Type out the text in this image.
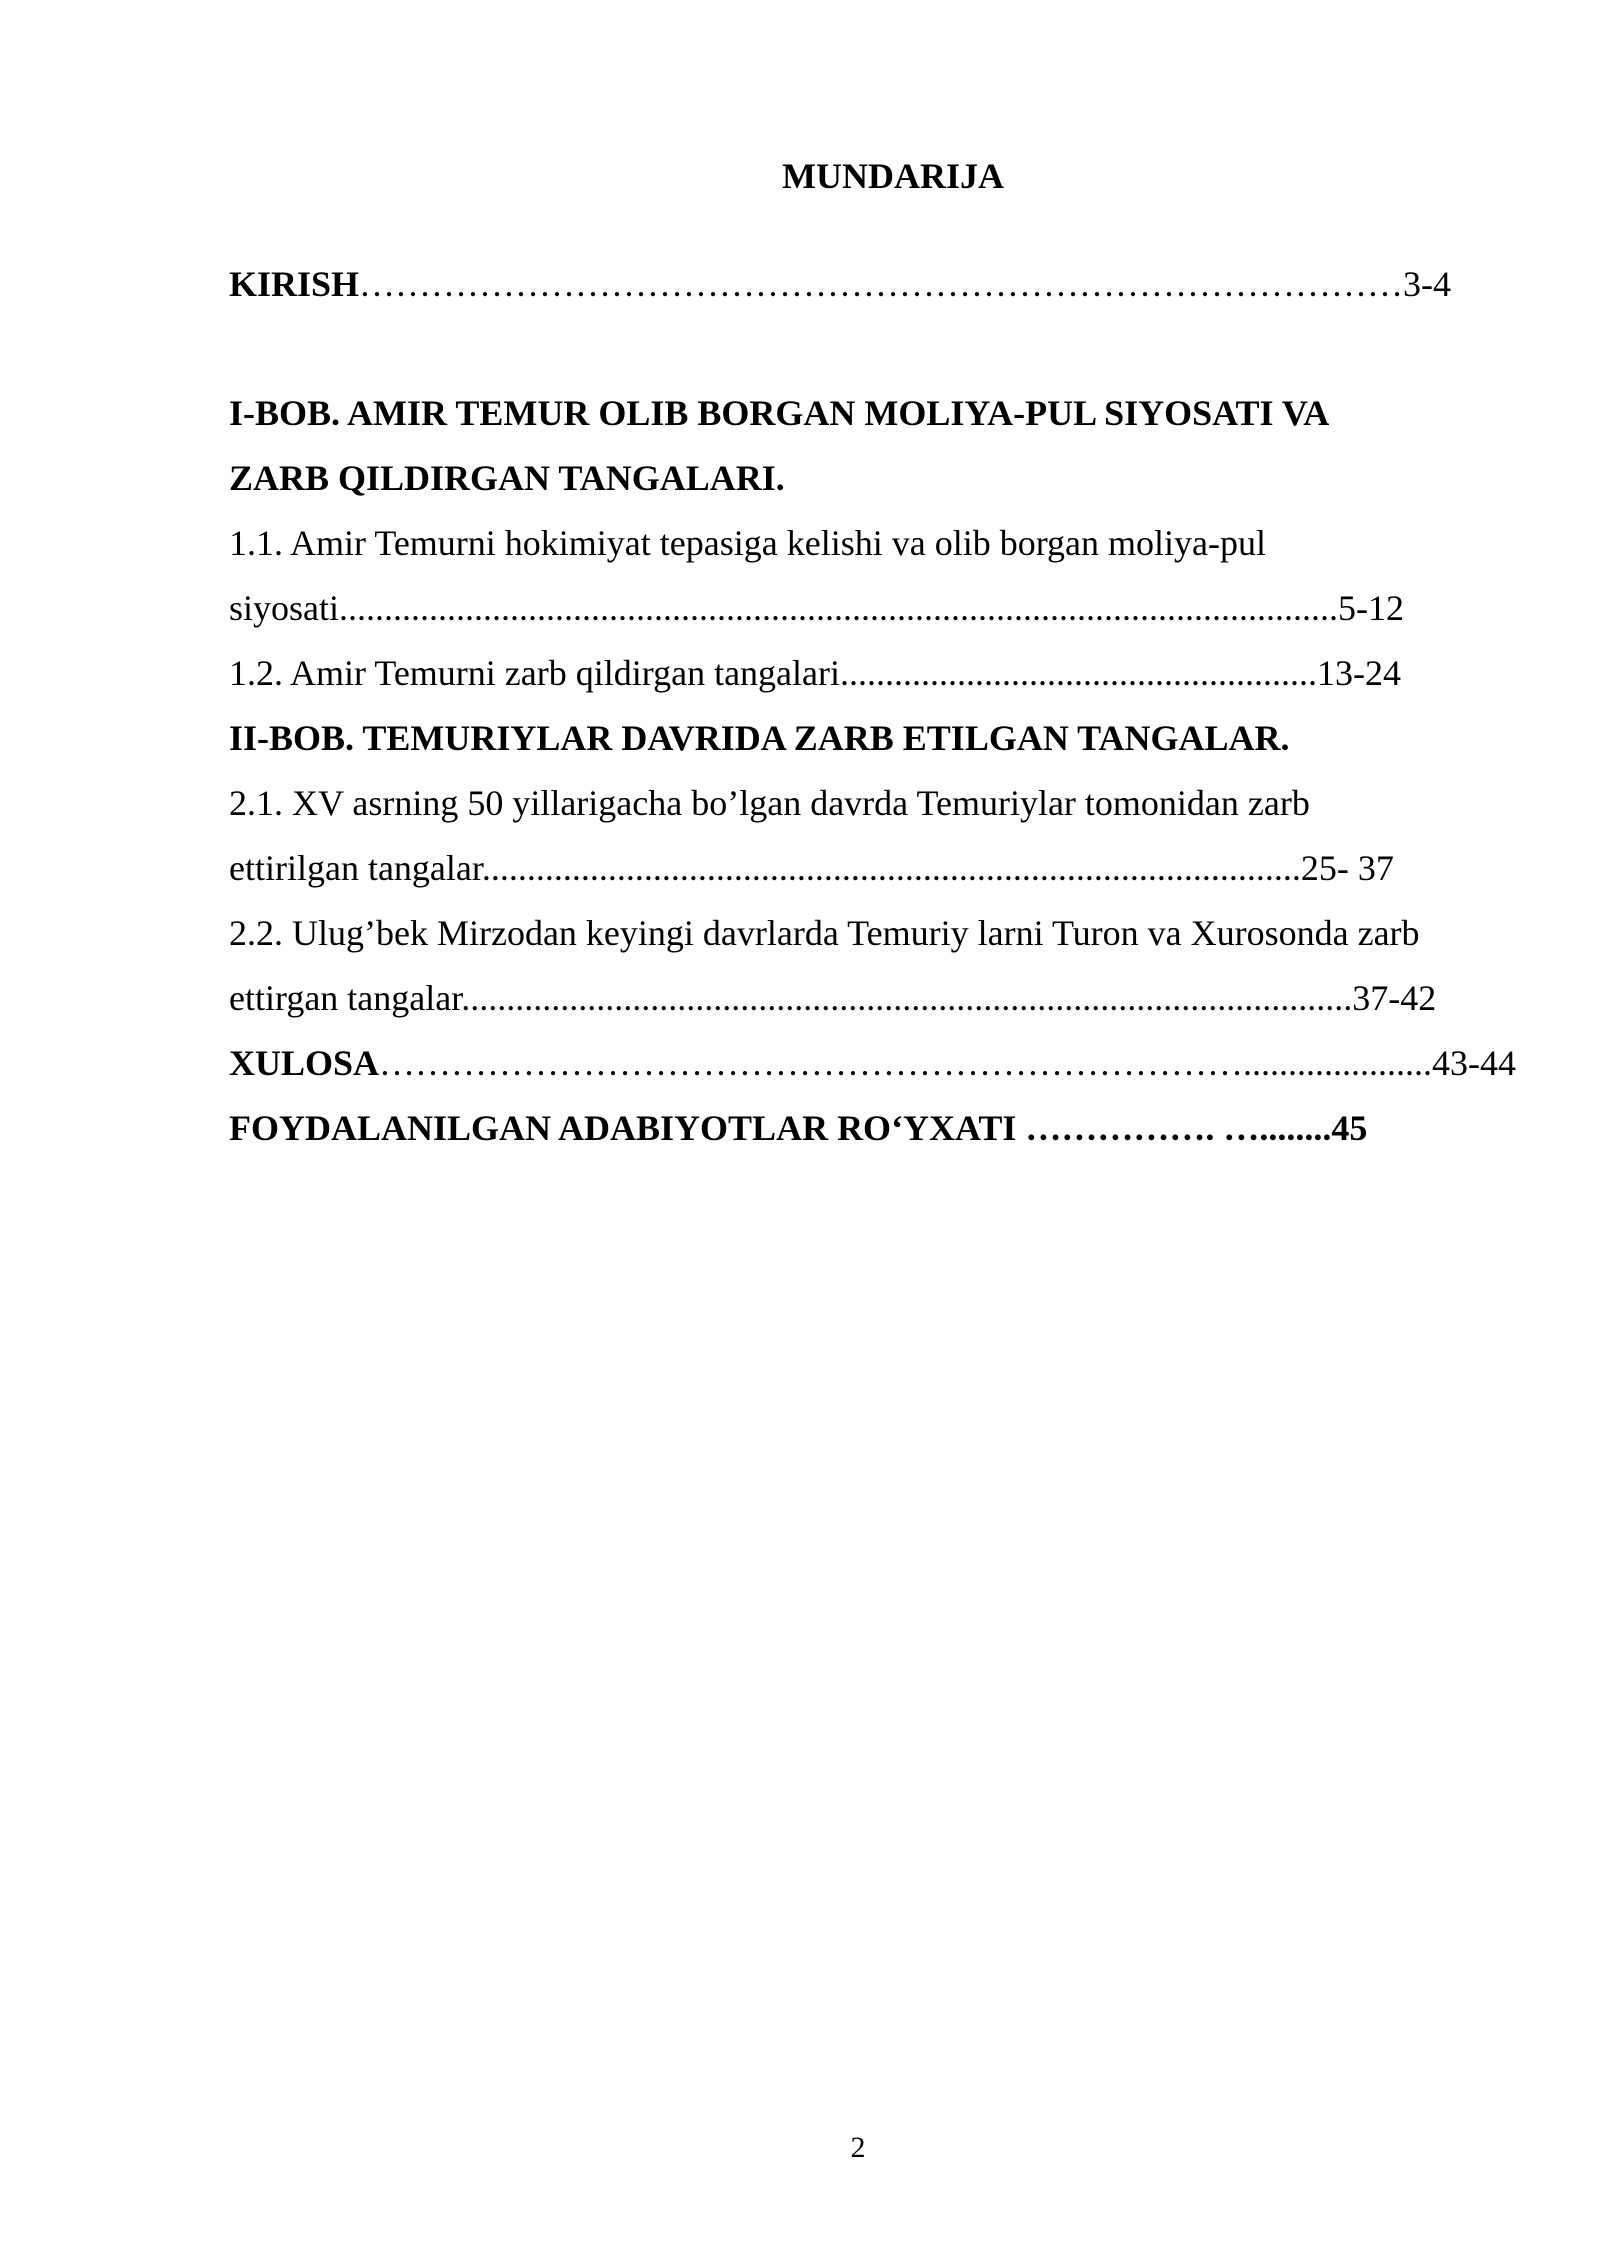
MUNDARIJA
KIRISH……………………………………………………………………………3-4
I-BOB. AMIR TEMUR OLIB BORGAN MOLIYA-PUL SIYOSATI VA
ZARB QILDIRGAN TANGALARI.
1.1. Amir Temurni hokimiyat tepasiga kelishi va olib borgan moliya-pul
siyosati...............................................................................................................5-12
1.2. Amir Temurni zarb qildirgan tangalari.....................................................13-24
II-BOB. TEMURIYLAR DAVRIDA ZARB ETILGAN TANGALAR.
2.1. XV asrning 50 yillarigacha bo’lgan davrda Temuriylar tomonidan zarb
ettirilgan tangalar...........................................................................................25- 37
2.2. Ulug’bek Mirzodan keyingi davrlarda Temuriy larni Turon va Xurosonda zarb
ettirgan tangalar...................................................................................................37-42
XULOSA……………………………………………………………….....................43-44
FOYDALANILGAN ADABIYOTLAR RO‘YXATI ……………. …........45
2
